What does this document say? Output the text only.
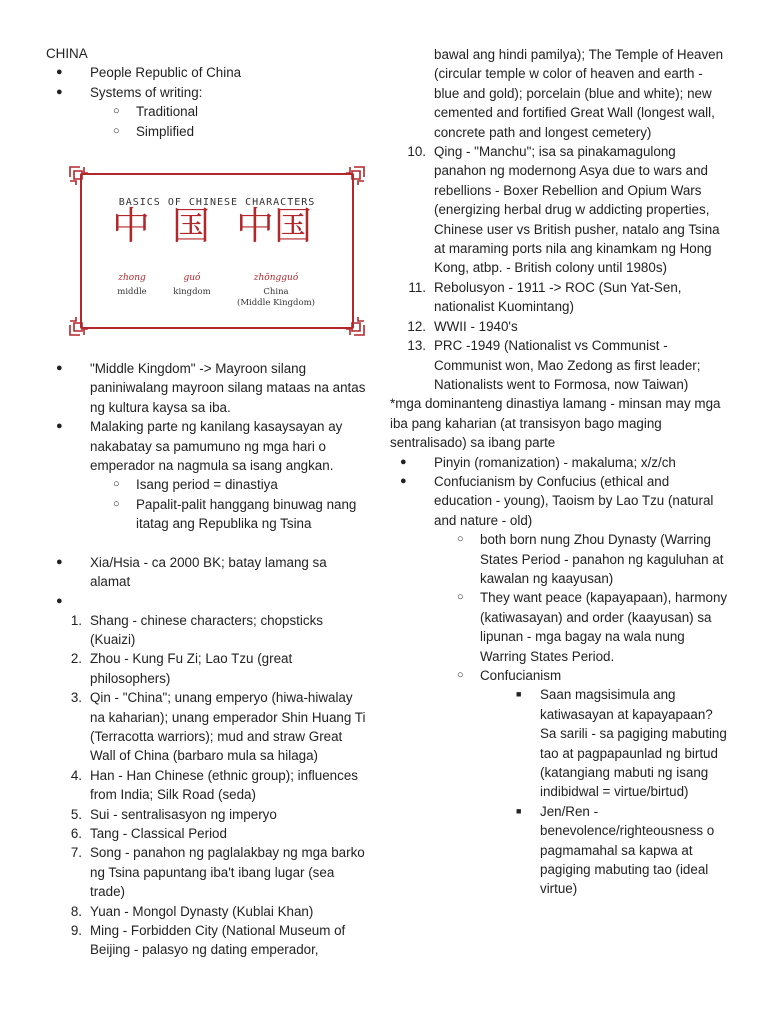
CHINA
● People Republic of China
● Systems of writing:
○ Traditional
○ Simplified
BASICS OF CHINESE CHARACTERS
中 国 中国
zhong	guó	zhōngguó
middle	kingdom	China
(Middle Kingdom)
● "Middle Kingdom" -> Mayroon silang paniniwalang mayroon silang mataas na antas ng kultura kaysa sa iba.
● Malaking parte ng kanilang kasaysayan ay nakabatay sa pamumuno ng mga hari o emperador na nagmula sa isang angkan.
○ Isang period = dinastiya
○ Papalit-palit hanggang binuwag nang itatag ang Republika ng Tsina
● Xia/Hsia - ca 2000 BK; batay lamang sa alamat
●
1. Shang - chinese characters; chopsticks (Kuaizi)
2. Zhou - Kung Fu Zi; Lao Tzu (great philosophers)
3. Qin - "China"; unang emperyo (hiwa-hiwalay na kaharian); unang emperador Shin Huang Ti (Terracotta warriors); mud and straw Great Wall of China (barbaro mula sa hilaga)
4. Han - Han Chinese (ethnic group); influences from India; Silk Road (seda)
5. Sui - sentralisasyon ng imperyo
6. Tang - Classical Period
7. Song - panahon ng paglalakbay ng mga barko ng Tsina papuntang iba't ibang lugar (sea trade)
8. Yuan - Mongol Dynasty (Kublai Khan)
9. Ming - Forbidden City (National Museum of Beijing - palasyo ng dating emperador,
bawal ang hindi pamilya); The Temple of Heaven (circular temple w color of heaven and earth - blue and gold); porcelain (blue and white); new cemented and fortified Great Wall (longest wall, concrete path and longest cemetery)
10. Qing - "Manchu"; isa sa pinakamagulong panahon ng modernong Asya due to wars and rebellions - Boxer Rebellion and Opium Wars (energizing herbal drug w addicting properties, Chinese user vs British pusher, natalo ang Tsina at maraming ports nila ang kinamkam ng Hong Kong, atbp. - British colony until 1980s)
11. Rebolusyon - 1911 -> ROC (Sun Yat-Sen, nationalist Kuomintang)
12. WWII - 1940's
13. PRC -1949 (Nationalist vs Communist - Communist won, Mao Zedong as first leader; Nationalists went to Formosa, now Taiwan)
*mga dominanteng dinastiya lamang - minsan may mga iba pang kaharian (at transisyon bago maging sentralisado) sa ibang parte
● Pinyin (romanization) - makaluma; x/z/ch
● Confucianism by Confucius (ethical and education - young), Taoism by Lao Tzu (natural and nature - old)
○ both born nung Zhou Dynasty (Warring States Period - panahon ng kaguluhan at kawalan ng kaayusan)
○ They want peace (kapayapaan), harmony (katiwasayan) and order (kaayusan) sa lipunan - mga bagay na wala nung Warring States Period.
○ Confucianism
■ Saan magsisimula ang katiwasayan at kapayapaan? Sa sarili - sa pagiging mabuting tao at pagpapaunlad ng birtud (katangiang mabuti ng isang indibidwal = virtue/birtud)
■ Jen/Ren - benevolence/righteousness o pagmamahal sa kapwa at pagiging mabuting tao (ideal virtue)
